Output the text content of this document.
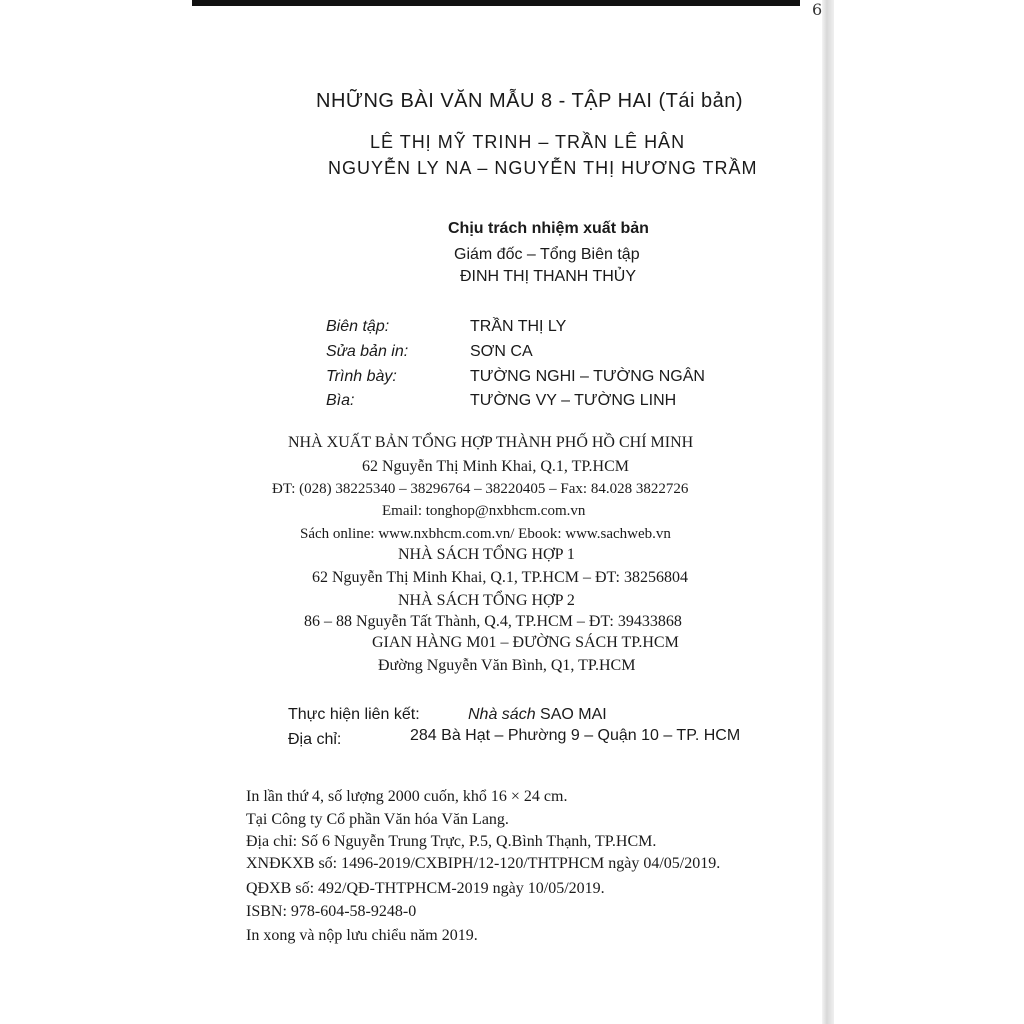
6
NHỮNG BÀI VĂN MẪU 8 - TẬP HAI (Tái bản)
LÊ THỊ MỸ TRINH – TRẦN LÊ HÂN
NGUYỄN LY NA – NGUYỄN THỊ HƯƠNG TRẦM
Chịu trách nhiệm xuất bản
Giám đốc – Tổng Biên tập
ĐINH THỊ THANH THỦY
Biên tập:	TRẦN THỊ LY
Sửa bản in:	SƠN CA
Trình bày:	TƯỜNG NGHI – TƯỜNG NGÂN
Bìa:	TƯỜNG VY – TƯỜNG LINH
NHÀ XUẤT BẢN TỔNG HỢP THÀNH PHỐ HỒ CHÍ MINH
62 Nguyễn Thị Minh Khai, Q.1, TP.HCM
ĐT: (028) 38225340 – 38296764 – 38220405 – Fax: 84.028 3822726
Email: tonghop@nxbhcm.com.vn
Sách online: www.nxbhcm.com.vn/ Ebook: www.sachweb.vn
NHÀ SÁCH TỔNG HỢP 1
62 Nguyễn Thị Minh Khai, Q.1, TP.HCM – ĐT: 38256804
NHÀ SÁCH TỔNG HỢP 2
86 – 88 Nguyễn Tất Thành, Q.4, TP.HCM – ĐT: 39433868
GIAN HÀNG M01 – ĐƯỜNG SÁCH TP.HCM
Đường Nguyễn Văn Bình, Q1, TP.HCM
Thực hiện liên kết:	Nhà sách SAO MAI
Địa chỉ:	284 Bà Hạt – Phường 9 – Quận 10 – TP. HCM
In lần thứ 4, số lượng 2000 cuốn, khổ 16 × 24 cm.
Tại Công ty Cổ phần Văn hóa Văn Lang.
Địa chỉ: Số 6 Nguyễn Trung Trực, P.5, Q.Bình Thạnh, TP.HCM.
XNĐKXB số: 1496-2019/CXBIPH/12-120/THTPHCM ngày 04/05/2019.
QĐXB số: 492/QĐ-THTPHCM-2019 ngày 10/05/2019.
ISBN: 978-604-58-9248-0
In xong và nộp lưu chiểu năm 2019.
